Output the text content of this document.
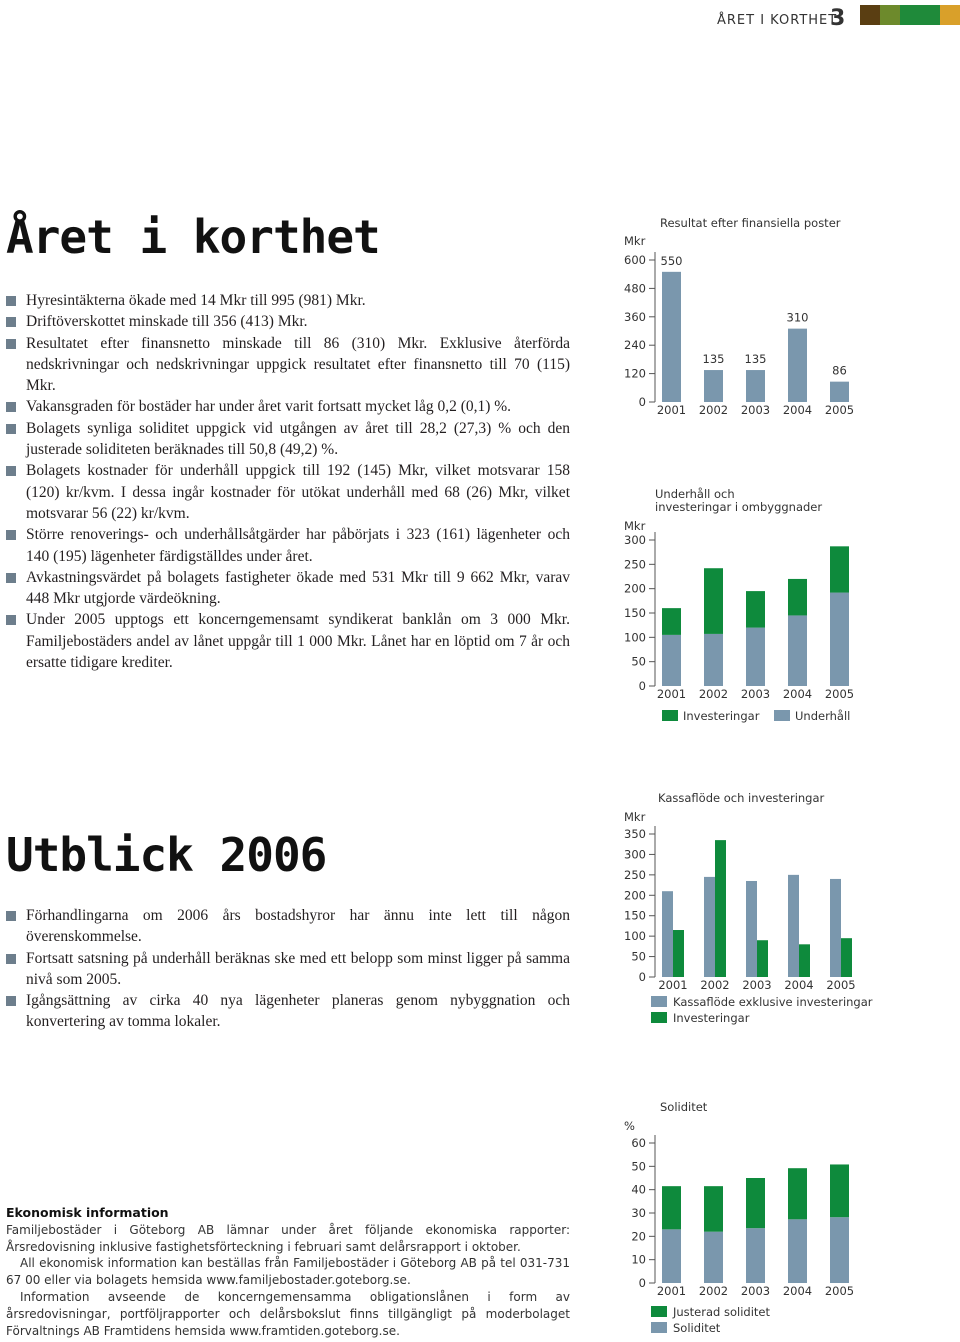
ÅRET I KORTHET
3
Året i korthet
Hyresintäkterna ökade med 14 Mkr till 995 (981) Mkr.
Driftöverskottet minskade till 356 (413) Mkr.
Resultatet efter finansnetto minskade till 86 (310) Mkr. Exklusive återförda nedskrivningar och nedskrivningar uppgick resultatet efter finansnetto till 70 (115) Mkr.
Vakansgraden för bostäder har under året varit fortsatt mycket låg 0,2 (0,1) %.
Bolagets synliga soliditet uppgick vid utgången av året till 28,2 (27,3) % och den justerade soliditeten beräknades till 50,8 (49,2) %.
Bolagets kostnader för underhåll uppgick till 192 (145) Mkr, vilket motsvarar 158 (120) kr/kvm. I dessa ingår kostnader för utökat underhåll med 68 (26) Mkr, vilket motsvarar 56 (22) kr/kvm.
Större renoverings- och underhållsåtgärder har påbörjats i 323 (161) lägenheter och 140 (195) lägenheter färdigställdes under året.
Avkastningsvärdet på bolagets fastigheter ökade med 531 Mkr till 9 662 Mkr, varav 448 Mkr utgjorde värdeökning.
Under 2005 upptogs ett koncerngemensamt syndikerat banklån om 3 000 Mkr. Familjebostäders andel av lånet uppgår till 1 000 Mkr. Lånet har en löptid om 7 år och ersatte tidigare krediter.
Utblick 2006
Förhandlingarna om 2006 års bostadshyror har ännu inte lett till någon överenskommelse.
Fortsatt satsning på underhåll beräknas ske med ett belopp som minst ligger på samma nivå som 2005.
Igångsättning av cirka 40 nya lägenheter planeras genom nybyggnation och konvertering av tomma lokaler.
Ekonomisk information

Familjebostäder i Göteborg AB lämnar under året följande ekonomiska rapporter: Årsredovisning inklusive fastighetsförteckning i februari samt delårsrapport i oktober.

All ekonomisk information kan beställas från Familjebostäder i Göteborg AB på tel 031-731 67 00 eller via bolagets hemsida www.familjebostader.goteborg.se.

Information avseende de koncerngemensamma obligationslånen i form av årsredovisningar, portföljrapporter och delårsbokslut finns tillgängligt på moderbolaget Förvaltnings AB Framtidens hemsida www.framtiden.goteborg.se.

Resultat efter finansiella poster
Mkr
0
120
240
360
480
600 550
2001
135
2002
135
2003
310
2004
86
2005
Underhåll och investeringar i ombyggnader
Mkr
0
50
100
150
200
250
300
2001 2002 2003 2004 2005
Investeringar	Underhåll
Kassaflöde och investeringar
Mkr
0
50
100
150
200
250
300
350
2001 2002 2003 2004 2005
Kassaflöde exklusive investeringar
Investeringar
Soliditet
%
0
10
20
30
40
50
60
2001 2002 2003 2004 2005
Justerad soliditet
Soliditet
